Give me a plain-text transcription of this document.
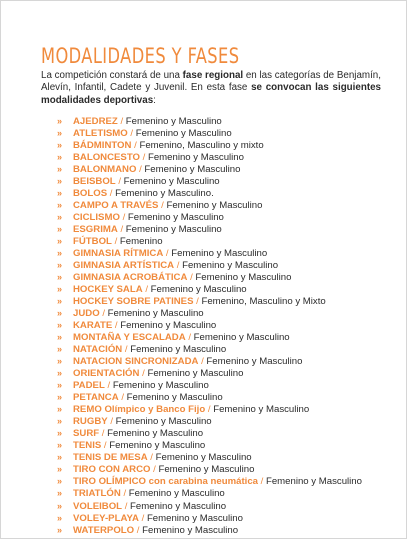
MODALIDADES Y FASES

La competición constará de una fase regional en las categorías de Benjamín, Alevín, Infantil, Cadete y Juvenil. En esta fase se convocan las siguientes modalidades deportivas:

» AJEDREZ / Femenino y Masculino
» ATLETISMO / Femenino y Masculino
» BÁDMINTON / Femenino, Masculino y mixto
» BALONCESTO / Femenino y Masculino
» BALONMANO / Femenino y Masculino
» BEISBOL / Femenino y Masculino
» BOLOS / Femenino y Masculino.
» CAMPO A TRAVÉS / Femenino y Masculino
» CICLISMO / Femenino y Masculino
» ESGRIMA / Femenino y Masculino
» FÚTBOL / Femenino
» GIMNASIA RÍTMICA / Femenino y Masculino
» GIMNASIA ARTÍSTICA / Femenino y Masculino
» GIMNASIA ACROBÁTICA / Femenino y Masculino
» HOCKEY SALA / Femenino y Masculino
» HOCKEY SOBRE PATINES / Femenino, Masculino y Mixto
» JUDO / Femenino y Masculino
» KARATE / Femenino y Masculino
» MONTAÑA Y ESCALADA / Femenino y Masculino
» NATACIÓN / Femenino y Masculino
» NATACION SINCRONIZADA / Femenino y Masculino
» ORIENTACIÓN / Femenino y Masculino
» PADEL / Femenino y Masculino
» PETANCA / Femenino y Masculino
» REMO Olímpico y Banco Fijo / Femenino y Masculino
» RUGBY / Femenino y Masculino
» SURF / Femenino y Masculino
» TENIS / Femenino y Masculino
» TENIS DE MESA / Femenino y Masculino
» TIRO CON ARCO / Femenino y Masculino
» TIRO OLÍMPICO con carabina neumática / Femenino y Masculino
» TRIATLÓN / Femenino y Masculino
» VOLEIBOL / Femenino y Masculino
» VOLEY-PLAYA / Femenino y Masculino
» WATERPOLO / Femenino y Masculino
